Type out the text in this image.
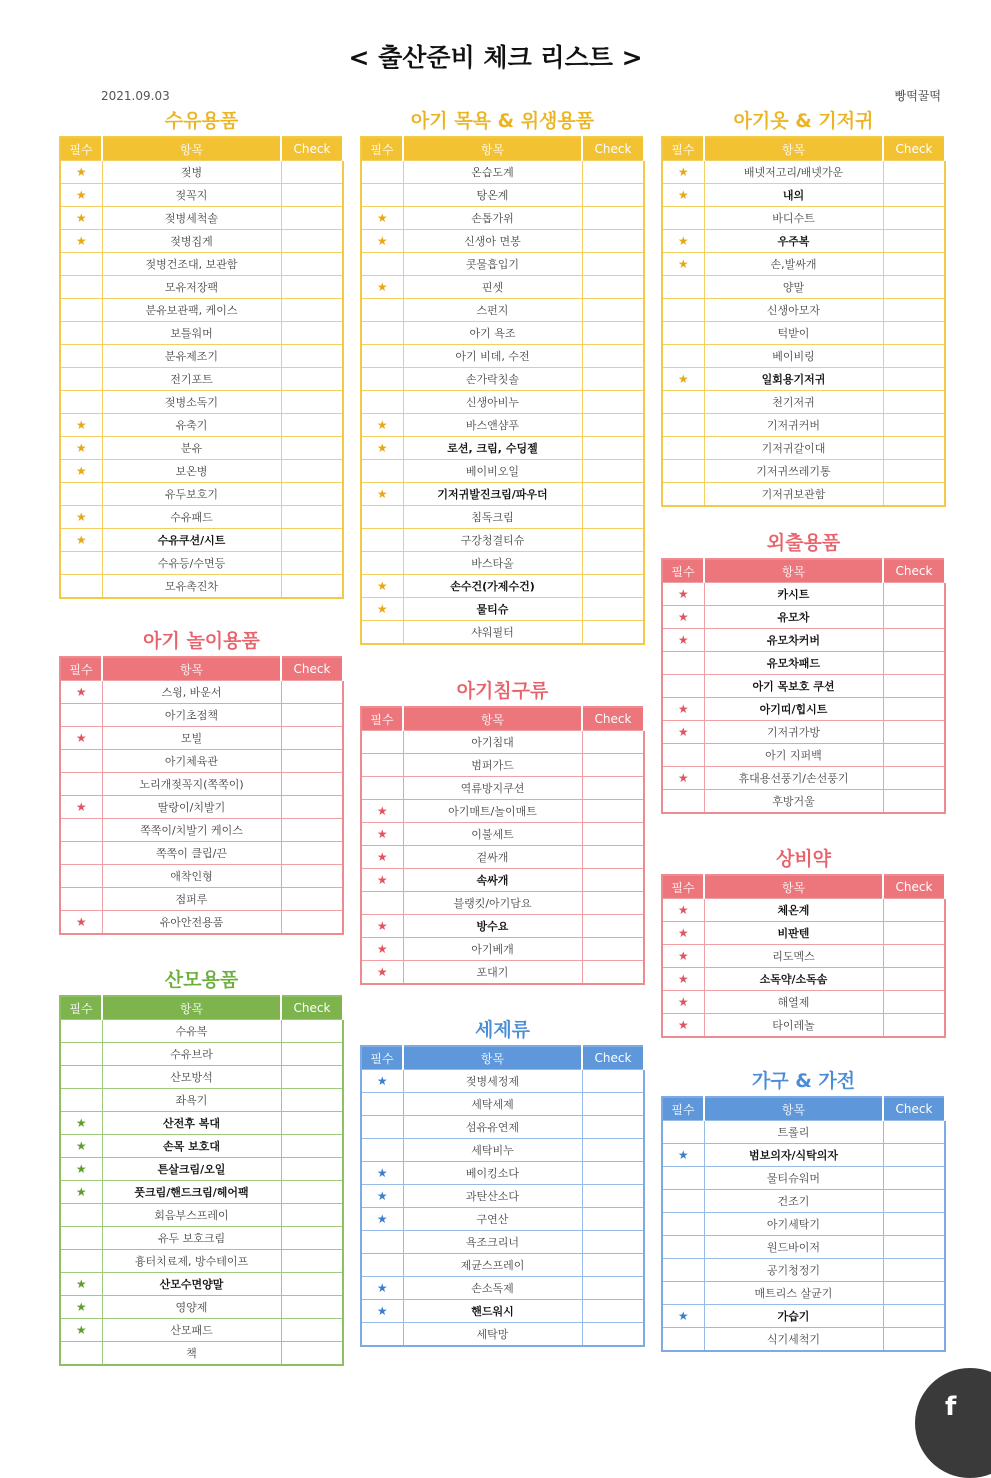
< 출산준비 체크 리스트 >
2021.09.03	빵떡꿀떡
수유용품
필수	항목	Check
★	젖병	
★	젖꼭지	
★	젖병세척솔	
★	젖병집게	
	젖병건조대, 보관함	
	모유저장팩	
	분유보관팩, 케이스	
	보틀워머	
	분유제조기	
	전기포트	
	젖병소독기	
★	유축기	
★	분유	
★	보온병	
	유두보호기	
★	수유패드	
★	수유쿠션/시트	
	수유등/수면등	
	모유촉진차	
아기 놀이용품
필수	항목	Check
★	스윙, 바운서	
	아기초점책	
★	모빌	
	아기체육관	
	노리개젖꼭지(쪽쪽이)	
★	딸랑이/치발기	
	쪽쪽이/치발기 케이스	
	쪽쪽이 클립/끈	
	애착인형	
	점퍼루	
★	유아안전용품	
산모용품
필수	항목	Check
	수유복	
	수유브라	
	산모방석	
	좌욕기	
★	산전후 복대	
★	손목 보호대	
★	튼살크림/오일	
★	풋크림/핸드크림/헤어팩	
	회음부스프레이	
	유두 보호크림	
	흉터치료제, 방수테이프	
★	산모수면양말	
★	영양제	
★	산모패드	
	책	
아기 목욕 & 위생용품
필수	항목	Check
	온습도계	
	탕온계	
★	손톱가위	
★	신생아 면봉	
	콧물흡입기	
★	핀셋	
	스펀지	
	아기 욕조	
	아기 비데, 수전	
	손가락칫솔	
	신생아비누	
★	바스앤샴푸	
★	로션, 크림, 수딩젤	
	베이비오일	
★	기저귀발진크림/파우더	
	침독크림	
	구강청결티슈	
	바스타올	
★	손수건(가제수건)	
★	물티슈	
	샤워필터	
아기침구류
필수	항목	Check
	아기침대	
	범퍼가드	
	역류방지쿠션	
★	아기매트/놀이매트	
★	이불세트	
★	겉싸개	
★	속싸개	
	블랭킷/아기담요	
★	방수요	
★	아기베개	
★	포대기	
세제류
필수	항목	Check
★	젖병세정제	
	세탁세제	
	섬유유연제	
	세탁비누	
★	베이킹소다	
★	과탄산소다	
★	구연산	
	욕조크리너	
	제균스프레이	
★	손소독제	
★	핸드워시	
	세탁망	
아기옷 & 기저귀
필수	항목	Check
★	배넷저고리/배넷가운	
★	내의	
	바디수트	
★	우주복	
★	손,발싸개	
	양말	
	신생아모자	
	턱받이	
	베이비링	
★	일회용기저귀	
	천기저귀	
	기저귀커버	
	기저귀갈이대	
	기저귀쓰레기통	
	기저귀보관함	
외출용품
필수	항목	Check
★	카시트	
★	유모차	
★	유모차커버	
	유모차패드	
	아기 목보호 쿠션	
★	아기띠/힙시트	
★	기저귀가방	
	아기 지퍼백	
★	휴대용선풍기/손선풍기	
	후방거울	
상비약
필수	항목	Check
★	체온계	
★	비판텐	
★	리도멕스	
★	소독약/소독솜	
★	해열제	
★	타이레놀	
가구 & 가전
필수	항목	Check
	트롤리	
★	범보의자/식탁의자	
	물티슈워머	
	건조기	
	아기세탁기	
	원드바이저	
	공기청정기	
	매트리스 살균기	
★	가습기	
	식기세척기	
f
